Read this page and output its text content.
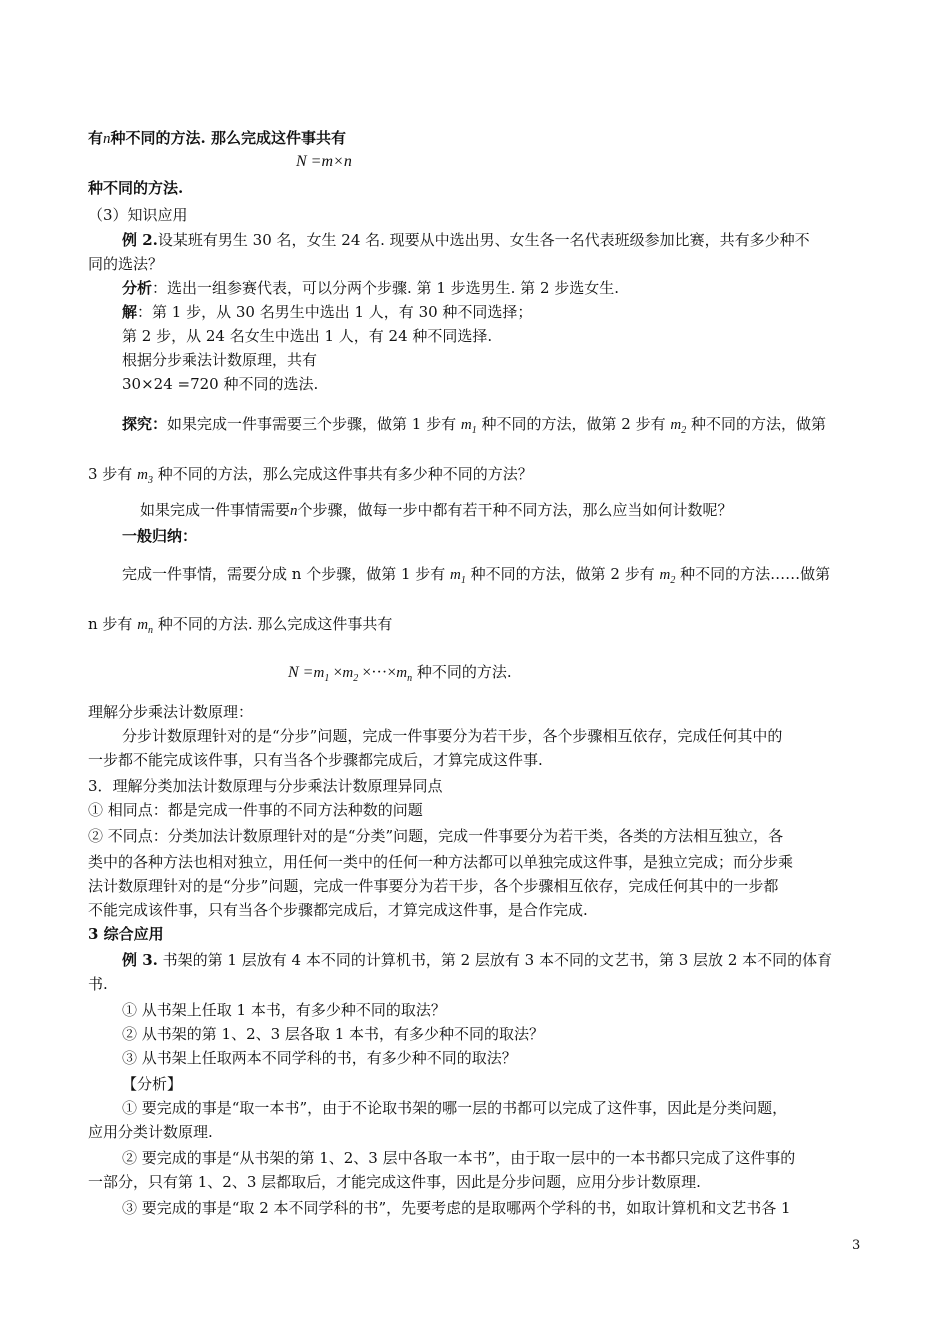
有n种不同的方法. 那么完成这件事共有
N =m×n
种不同的方法.
（3）知识应用
例 2.设某班有男生 30 名，女生 24 名. 现要从中选出男、女生各一名代表班级参加比赛，共有多少种不
同的选法？
分析：选出一组参赛代表，可以分两个步骤. 第 1 步选男生. 第 2 步选女生.
解：第 1 步，从 30 名男生中选出 1 人，有 30 种不同选择；
第 2 步，从 24 名女生中选出 1 人，有 24 种不同选择.
根据分步乘法计数原理，共有
30×24 =720 种不同的选法.
探究：如果完成一件事需要三个步骤，做第 1 步有 $m_1$ 种不同的方法，做第 2 步有 $m_2$ 种不同的方法，做第
3 步有 $m_3$ 种不同的方法，那么完成这件事共有多少种不同的方法？
如果完成一件事情需要n个步骤，做每一步中都有若干种不同方法，那么应当如何计数呢？
一般归纳：
完成一件事情，需要分成 n 个步骤，做第 1 步有 $m_1$ 种不同的方法，做第 2 步有 $m_2$ 种不同的方法……做第
n 步有 $m_n$ 种不同的方法. 那么完成这件事共有
$N =m_1 \times m_2 \times\cdot\cdot\cdot\times m_n$ 种不同的方法.
理解分步乘法计数原理：
分步计数原理针对的是“分步”问题，完成一件事要分为若干步，各个步骤相互依存，完成任何其中的
一步都不能完成该件事，只有当各个步骤都完成后，才算完成这件事.
3．理解分类加法计数原理与分步乘法计数原理异同点
① 相同点：都是完成一件事的不同方法种数的问题
② 不同点：分类加法计数原理针对的是“分类”问题，完成一件事要分为若干类，各类的方法相互独立，各
类中的各种方法也相对独立，用任何一类中的任何一种方法都可以单独完成这件事，是独立完成；而分步乘
法计数原理针对的是“分步”问题，完成一件事要分为若干步，各个步骤相互依存，完成任何其中的一步都
不能完成该件事，只有当各个步骤都完成后，才算完成这件事，是合作完成.
3 综合应用
例 3. 书架的第 1 层放有 4 本不同的计算机书，第 2 层放有 3 本不同的文艺书，第 3 层放 2 本不同的体育
书.
① 从书架上任取 1 本书，有多少种不同的取法？
② 从书架的第 1、2、3 层各取 1 本书，有多少种不同的取法？
③ 从书架上任取两本不同学科的书，有多少种不同的取法？
【分析】
① 要完成的事是“取一本书”，由于不论取书架的哪一层的书都可以完成了这件事，因此是分类问题，
应用分类计数原理.
② 要完成的事是“从书架的第 1、2、3 层中各取一本书”，由于取一层中的一本书都只完成了这件事的
一部分，只有第 1、2、3 层都取后，才能完成这件事，因此是分步问题，应用分步计数原理.
③ 要完成的事是“取 2 本不同学科的书”，先要考虑的是取哪两个学科的书，如取计算机和文艺书各 1
3
